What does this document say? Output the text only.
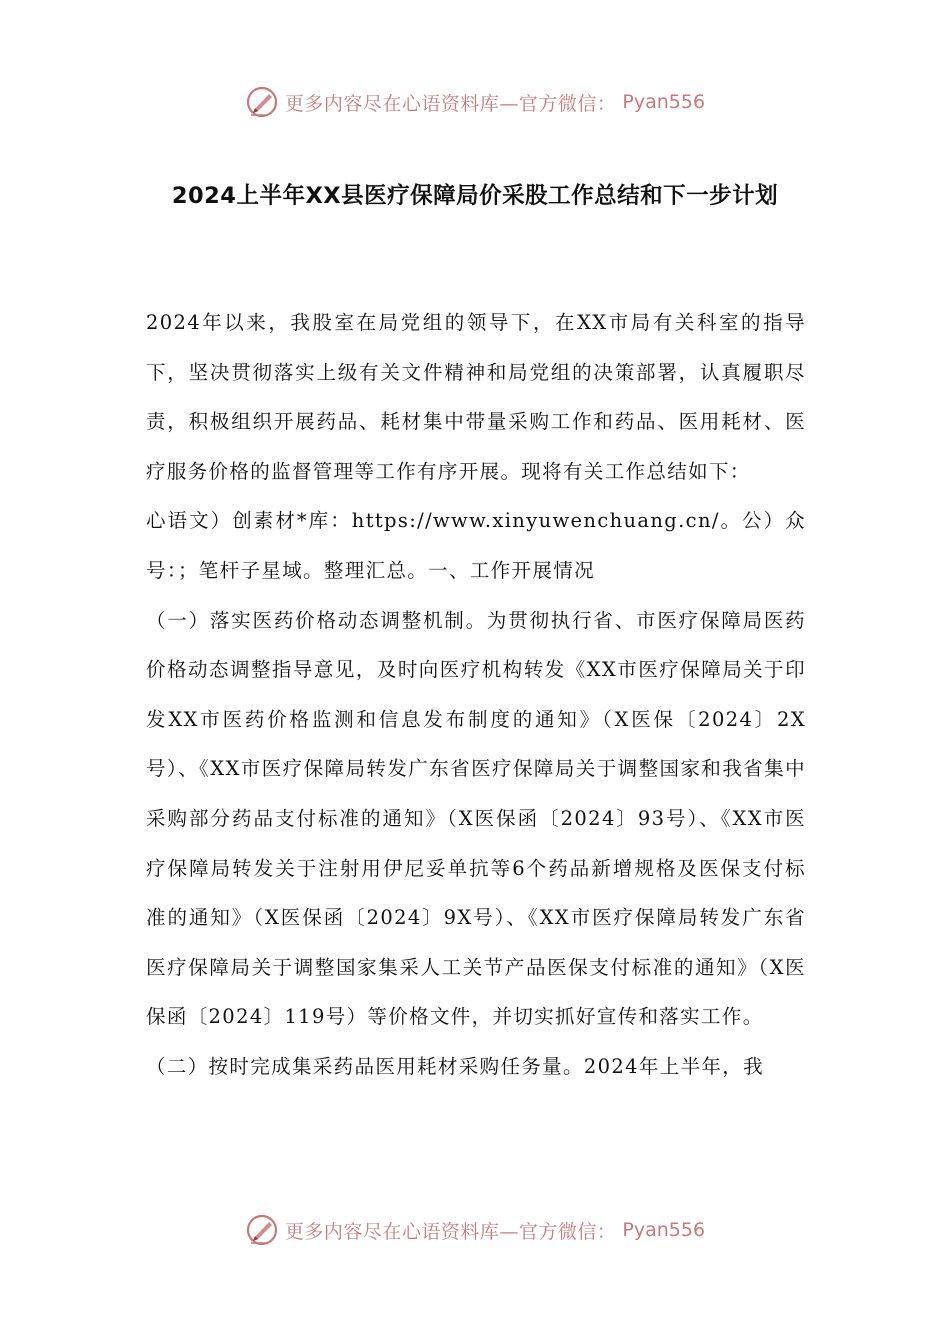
更多内容尽在心语资料库—官方微信： Pyan556
2024上半年XX县医疗保障局价采股工作总结和下一步计划

2024年以来，我股室在局党组的领导下，在XX市局有关科室的指导下，坚决贯彻落实上级有关文件精神和局党组的决策部署，认真履职尽责，积极组织开展药品、耗材集中带量采购工作和药品、医用耗材、医疗服务价格的监督管理等工作有序开展。现将有关工作总结如下：

心语文）创素材*库：https://www.xinyuwenchuang.cn/。公）众号：；笔杆子星域。整理汇总。一、工作开展情况

（一）落实医药价格动态调整机制。为贯彻执行省、市医疗保障局医药价格动态调整指导意见，及时向医疗机构转发《XX市医疗保障局关于印发XX市医药价格监测和信息发布制度的通知》（X医保〔2024〕2X号）、《XX市医疗保障局转发广东省医疗保障局关于调整国家和我省集中采购部分药品支付标准的通知》（X医保函〔2024〕93号）、《XX市医疗保障局转发关于注射用伊尼妥单抗等6个药品新增规格及医保支付标准的通知》（X医保函〔2024〕9X号）、《XX市医疗保障局转发广东省医疗保障局关于调整国家集采人工关节产品医保支付标准的通知》（X医保函〔2024〕119号）等价格文件，并切实抓好宣传和落实工作。

（二）按时完成集采药品医用耗材采购任务量。2024年上半年，我

更多内容尽在心语资料库—官方微信： Pyan556
